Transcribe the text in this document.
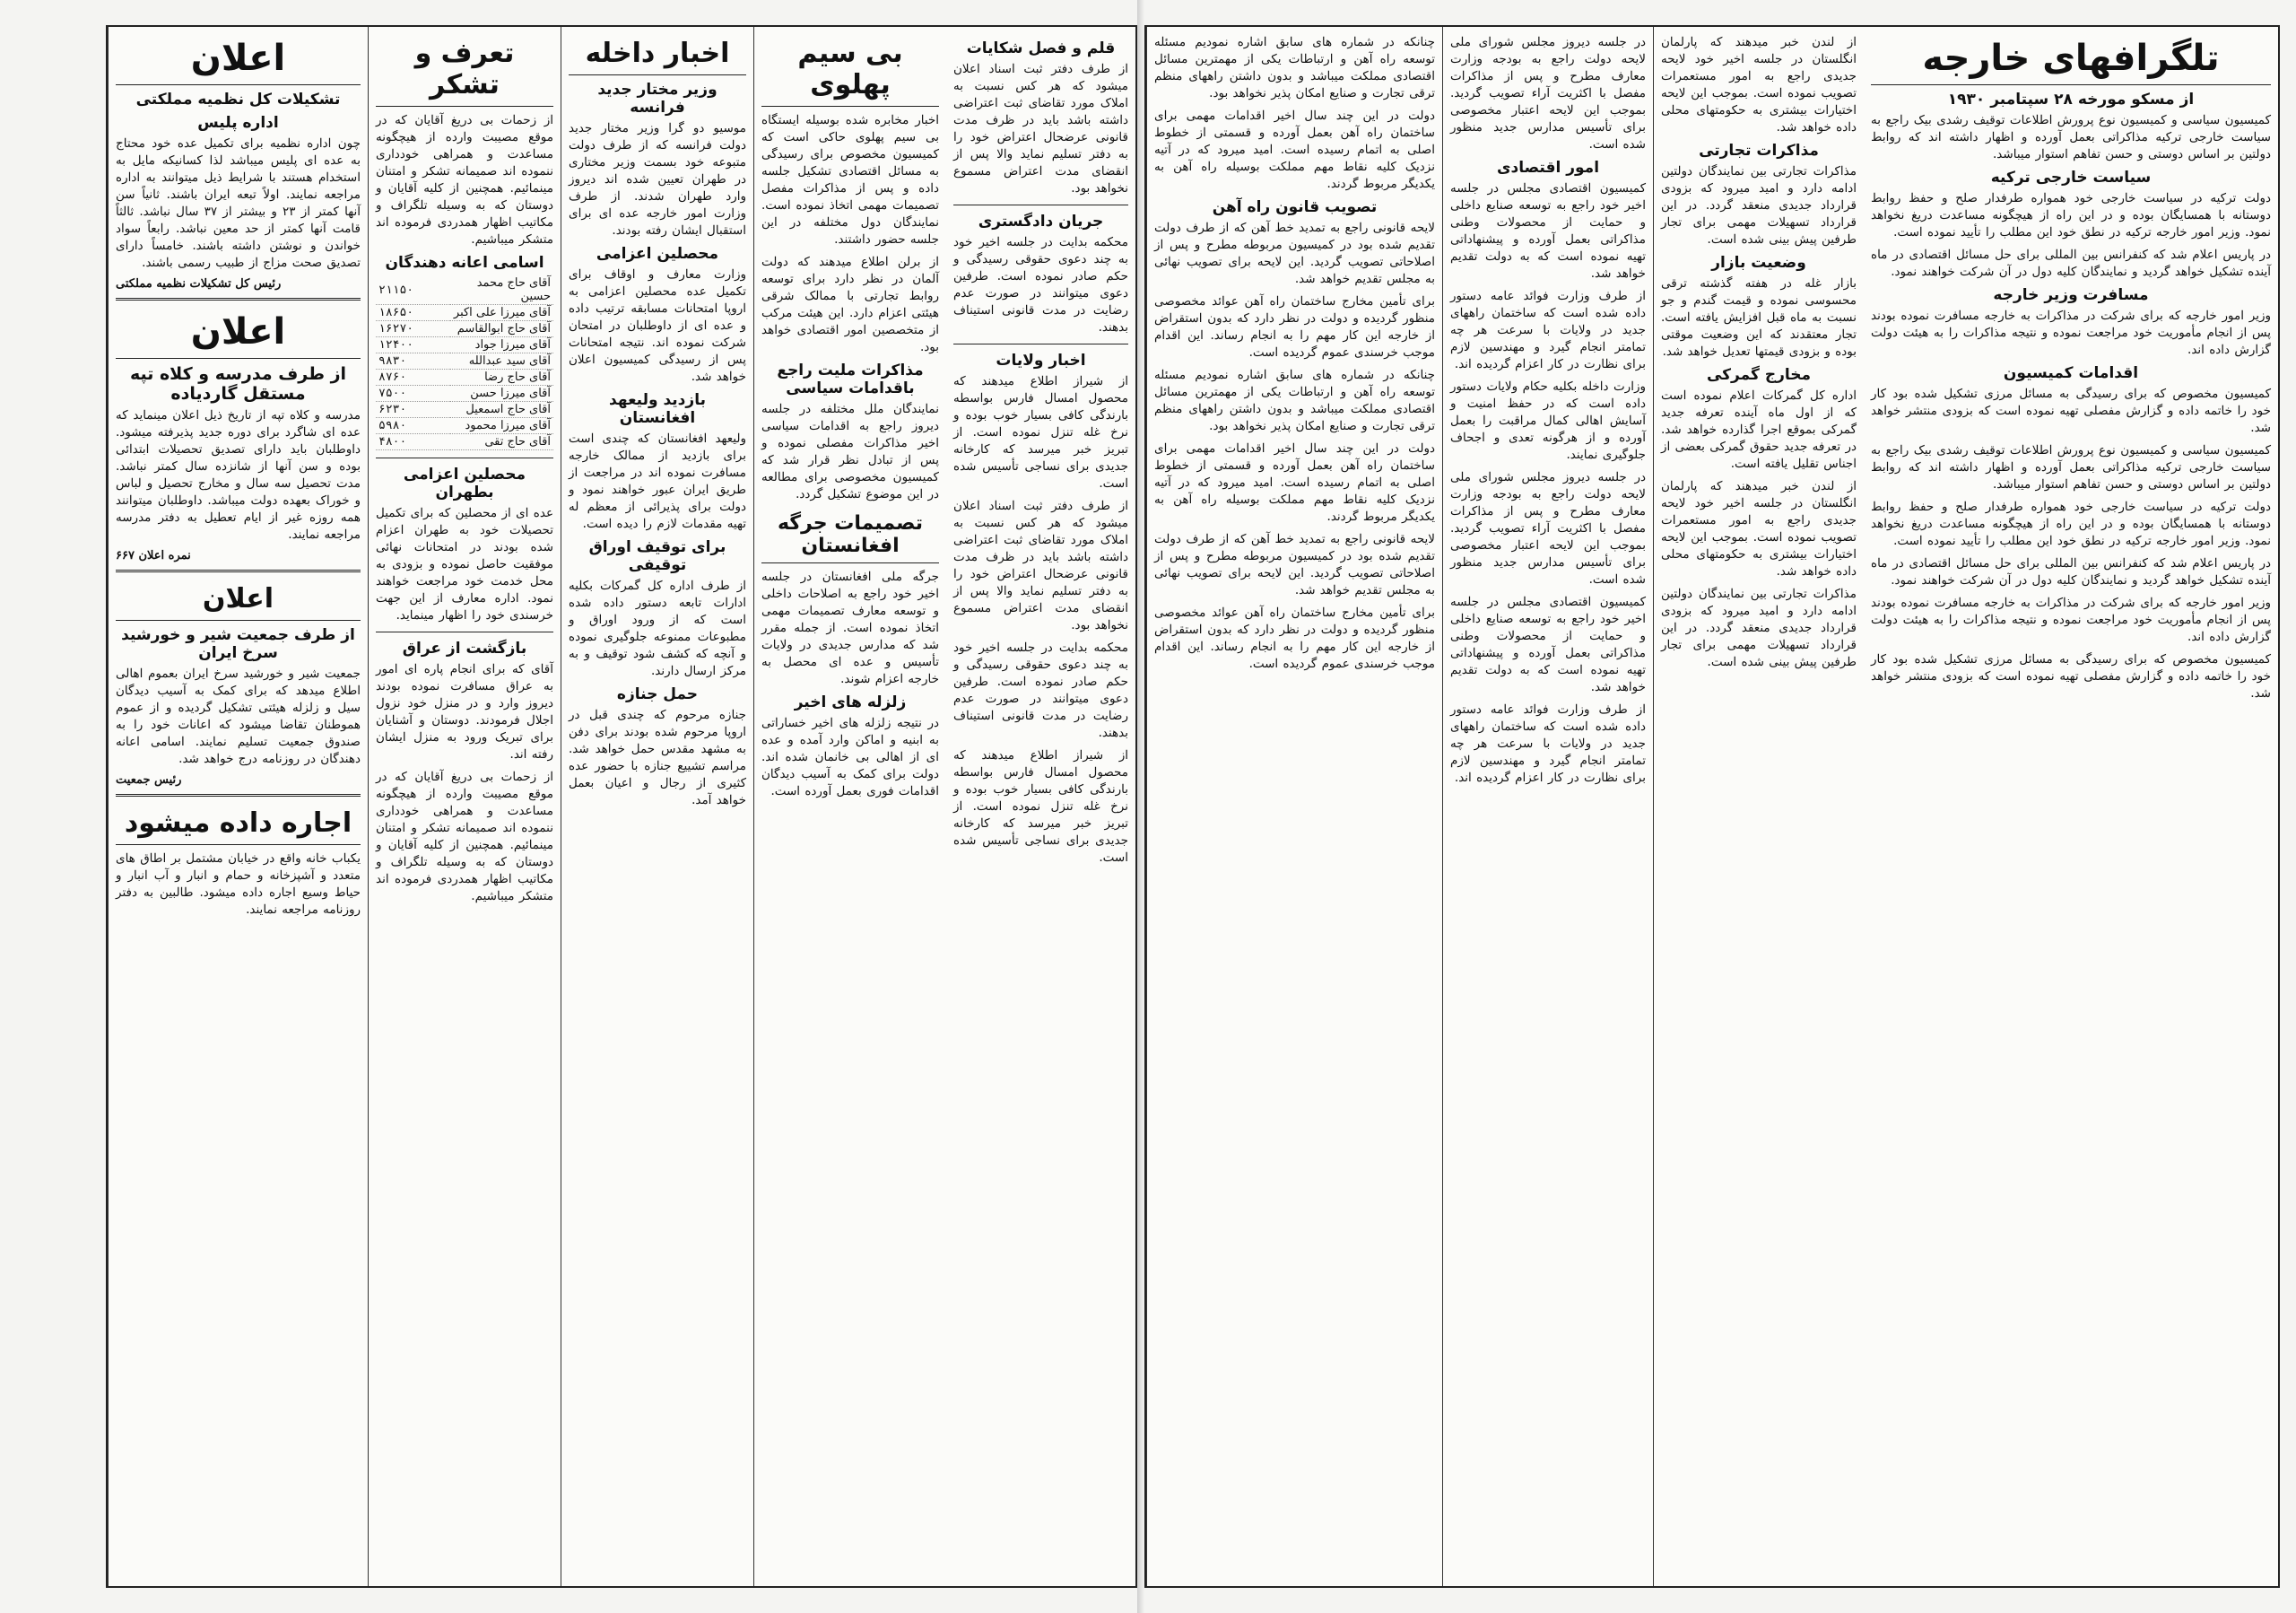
اعلان
تشکیلات کل نظمیه مملکتی
اداره پلیس

چون اداره نظمیه برای تکمیل عده خود محتاج به عده ای پلیس میباشد لذا کسانیکه مایل به استخدام هستند با شرایط ذیل میتوانند به اداره مراجعه نمایند. اولاً تبعه ایران باشند. ثانیاً سن آنها کمتر از ۲۳ و بیشتر از ۳۷ سال نباشد. ثالثاً قامت آنها کمتر از حد معین نباشد. رابعاً سواد خواندن و نوشتن داشته باشند. خامساً دارای تصدیق صحت مزاج از طبیب رسمی باشند.

رئیس کل تشکیلات نظمیه مملکتی
اعلان
از طرف مدرسه و کلاه تپه مستقل گاردیاده

مدرسه و کلاه تپه از تاریخ ذیل اعلان مینماید که عده ای شاگرد برای دوره جدید پذیرفته میشود. داوطلبان باید دارای تصدیق تحصیلات ابتدائی بوده و سن آنها از شانزده سال کمتر نباشد. مدت تحصیل سه سال و مخارج تحصیل و لباس و خوراک بعهده دولت میباشد. داوطلبان میتوانند همه روزه غیر از ایام تعطیل به دفتر مدرسه مراجعه نمایند.

نمره اعلان ۶۶۷
اعلان
از طرف جمعیت شیر و خورشید سرخ ایران

جمعیت شیر و خورشید سرخ ایران بعموم اهالی اطلاع میدهد که برای کمک به آسیب دیدگان سیل و زلزله هیئتی تشکیل گردیده و از عموم هموطنان تقاضا میشود که اعانات خود را به صندوق جمعیت تسلیم نمایند. اسامی اعانه دهندگان در روزنامه درج خواهد شد.

رئیس جمعیت
اجاره داده میشود

یکباب خانه واقع در خیابان مشتمل بر اطاق های متعدد و آشپزخانه و حمام و انبار و آب انبار و حیاط وسیع اجاره داده میشود. طالبین به دفتر روزنامه مراجعه نمایند.

تعرف و تشکر

از زحمات بی دریغ آقایان که در موقع مصیبت وارده از هیچگونه مساعدت و همراهی خودداری ننموده اند صمیمانه تشکر و امتنان مینمائیم. همچنین از کلیه آقایان و دوستان که به وسیله تلگراف و مکاتیب اظهار همدردی فرموده اند متشکر میباشیم.

اسامی اعانه دهندگان
آقای حاج محمد حسین	۲۱۱۵۰
آقای میرزا علی اکبر	۱۸۶۵۰
آقای حاج ابوالقاسم	۱۶۲۷۰
آقای میرزا جواد	۱۲۴۰۰
آقای سید عبدالله	۹۸۳۰
آقای حاج رضا	۸۷۶۰
آقای میرزا حسن	۷۵۰۰
آقای حاج اسمعیل	۶۲۳۰
آقای میرزا محمود	۵۹۸۰
آقای حاج تقی	۴۸۰۰
محصلین اعزامی بطهران

عده ای از محصلین که برای تکمیل تحصیلات خود به طهران اعزام شده بودند در امتحانات نهائی موفقیت حاصل نموده و بزودی به محل خدمت خود مراجعت خواهند نمود. اداره معارف از این جهت خرسندی خود را اظهار مینماید.

بازگشت از عراق

آقای که برای انجام پاره ای امور به عراق مسافرت نموده بودند دیروز وارد و در منزل خود نزول اجلال فرمودند. دوستان و آشنایان برای تبریک ورود به منزل ایشان رفته اند.

از زحمات بی دریغ آقایان که در موقع مصیبت وارده از هیچگونه مساعدت و همراهی خودداری ننموده اند صمیمانه تشکر و امتنان مینمائیم. همچنین از کلیه آقایان و دوستان که به وسیله تلگراف و مکاتیب اظهار همدردی فرموده اند متشکر میباشیم.

اخبار داخله
وزیر مختار جدید فرانسه

موسیو دو گرا وزیر مختار جدید دولت فرانسه که از طرف دولت متبوعه خود بسمت وزیر مختاری در طهران تعیین شده اند دیروز وارد طهران شدند. از طرف وزارت امور خارجه عده ای برای استقبال ایشان رفته بودند.

محصلین اعزامی

وزارت معارف و اوقاف برای تکمیل عده محصلین اعزامی به اروپا امتحانات مسابقه ترتیب داده و عده ای از داوطلبان در امتحان شرکت نموده اند. نتیجه امتحانات پس از رسیدگی کمیسیون اعلان خواهد شد.

بازدید ولیعهد افغانستان

ولیعهد افغانستان که چندی است برای بازدید از ممالک خارجه مسافرت نموده اند در مراجعت از طریق ایران عبور خواهند نمود و دولت برای پذیرائی از معظم له تهیه مقدمات لازم را دیده است.

برای توقیف اوراق توقیفی

از طرف اداره کل گمرکات بکلیه ادارات تابعه دستور داده شده است که از ورود اوراق و مطبوعات ممنوعه جلوگیری نموده و آنچه که کشف شود توقیف و به مرکز ارسال دارند.

حمل جنازه

جنازه مرحوم که چندی قبل در اروپا مرحوم شده بودند برای دفن به مشهد مقدس حمل خواهد شد. مراسم تشییع جنازه با حضور عده کثیری از رجال و اعیان بعمل خواهد آمد.

بی سیم پهلوی

اخبار مخابره شده بوسیله ایستگاه بی سیم پهلوی حاکی است که کمیسیون مخصوص برای رسیدگی به مسائل اقتصادی تشکیل جلسه داده و پس از مذاکرات مفصل تصمیمات مهمی اتخاذ نموده است. نمایندگان دول مختلفه در این جلسه حضور داشتند.

از برلن اطلاع میدهند که دولت آلمان در نظر دارد برای توسعه روابط تجارتی با ممالک شرقی هیئتی اعزام دارد. این هیئت مرکب از متخصصین امور اقتصادی خواهد بود.

مذاکرات ملیت راجع باقدامات سیاسی

نمایندگان ملل مختلفه در جلسه دیروز راجع به اقدامات سیاسی اخیر مذاکرات مفصلی نموده و پس از تبادل نظر قرار شد که کمیسیون مخصوصی برای مطالعه در این موضوع تشکیل گردد.

تصمیمات جرگه افغانستان

جرگه ملی افغانستان در جلسه اخیر خود راجع به اصلاحات داخلی و توسعه معارف تصمیمات مهمی اتخاذ نموده است. از جمله مقرر شد که مدارس جدیدی در ولایات تأسیس و عده ای محصل به خارجه اعزام شوند.

زلزله های اخیر

در نتیجه زلزله های اخیر خساراتی به ابنیه و اماکن وارد آمده و عده ای از اهالی بی خانمان شده اند. دولت برای کمک به آسیب دیدگان اقدامات فوری بعمل آورده است.

قلم و فصل شکایات

از طرف دفتر ثبت اسناد اعلان میشود که هر کس نسبت به املاک مورد تقاضای ثبت اعتراضی داشته باشد باید در ظرف مدت قانونی عرضحال اعتراض خود را به دفتر تسلیم نماید والا پس از انقضای مدت اعتراض مسموع نخواهد بود.

جریان دادگستری

محکمه بدایت در جلسه اخیر خود به چند دعوی حقوقی رسیدگی و حکم صادر نموده است. طرفین دعوی میتوانند در صورت عدم رضایت در مدت قانونی استیناف بدهند.

اخبار ولایات

از شیراز اطلاع میدهند که محصول امسال فارس بواسطه بارندگی کافی بسیار خوب بوده و نرخ غله تنزل نموده است. از تبریز خبر میرسد که کارخانه جدیدی برای نساجی تأسیس شده است.

از طرف دفتر ثبت اسناد اعلان میشود که هر کس نسبت به املاک مورد تقاضای ثبت اعتراضی داشته باشد باید در ظرف مدت قانونی عرضحال اعتراض خود را به دفتر تسلیم نماید والا پس از انقضای مدت اعتراض مسموع نخواهد بود.

محکمه بدایت در جلسه اخیر خود به چند دعوی حقوقی رسیدگی و حکم صادر نموده است. طرفین دعوی میتوانند در صورت عدم رضایت در مدت قانونی استیناف بدهند.

از شیراز اطلاع میدهند که محصول امسال فارس بواسطه بارندگی کافی بسیار خوب بوده و نرخ غله تنزل نموده است. از تبریز خبر میرسد که کارخانه جدیدی برای نساجی تأسیس شده است.

چنانکه در شماره های سابق اشاره نمودیم مسئله توسعه راه آهن و ارتباطات یکی از مهمترین مسائل اقتصادی مملکت میباشد و بدون داشتن راههای منظم ترقی تجارت و صنایع امکان پذیر نخواهد بود.

دولت در این چند سال اخیر اقدامات مهمی برای ساختمان راه آهن بعمل آورده و قسمتی از خطوط اصلی به اتمام رسیده است. امید میرود که در آتیه نزدیک کلیه نقاط مهم مملکت بوسیله راه آهن به یکدیگر مربوط گردند.

تصویب قانون راه آهن

لایحه قانونی راجع به تمدید خط آهن که از طرف دولت تقدیم شده بود در کمیسیون مربوطه مطرح و پس از اصلاحاتی تصویب گردید. این لایحه برای تصویب نهائی به مجلس تقدیم خواهد شد.

برای تأمین مخارج ساختمان راه آهن عوائد مخصوصی منظور گردیده و دولت در نظر دارد که بدون استقراض از خارجه این کار مهم را به انجام رساند. این اقدام موجب خرسندی عموم گردیده است.

چنانکه در شماره های سابق اشاره نمودیم مسئله توسعه راه آهن و ارتباطات یکی از مهمترین مسائل اقتصادی مملکت میباشد و بدون داشتن راههای منظم ترقی تجارت و صنایع امکان پذیر نخواهد بود.

دولت در این چند سال اخیر اقدامات مهمی برای ساختمان راه آهن بعمل آورده و قسمتی از خطوط اصلی به اتمام رسیده است. امید میرود که در آتیه نزدیک کلیه نقاط مهم مملکت بوسیله راه آهن به یکدیگر مربوط گردند.

لایحه قانونی راجع به تمدید خط آهن که از طرف دولت تقدیم شده بود در کمیسیون مربوطه مطرح و پس از اصلاحاتی تصویب گردید. این لایحه برای تصویب نهائی به مجلس تقدیم خواهد شد.

برای تأمین مخارج ساختمان راه آهن عوائد مخصوصی منظور گردیده و دولت در نظر دارد که بدون استقراض از خارجه این کار مهم را به انجام رساند. این اقدام موجب خرسندی عموم گردیده است.

در جلسه دیروز مجلس شورای ملی لایحه دولت راجع به بودجه وزارت معارف مطرح و پس از مذاکرات مفصل با اکثریت آراء تصویب گردید. بموجب این لایحه اعتبار مخصوصی برای تأسیس مدارس جدید منظور شده است.

امور اقتصادی

کمیسیون اقتصادی مجلس در جلسه اخیر خود راجع به توسعه صنایع داخلی و حمایت از محصولات وطنی مذاکراتی بعمل آورده و پیشنهاداتی تهیه نموده است که به دولت تقدیم خواهد شد.

از طرف وزارت فوائد عامه دستور داده شده است که ساختمان راههای جدید در ولایات با سرعت هر چه تمامتر انجام گیرد و مهندسین لازم برای نظارت در کار اعزام گردیده اند.

وزارت داخله بکلیه حکام ولایات دستور داده است که در حفظ امنیت و آسایش اهالی کمال مراقبت را بعمل آورده و از هرگونه تعدی و اجحاف جلوگیری نمایند.

در جلسه دیروز مجلس شورای ملی لایحه دولت راجع به بودجه وزارت معارف مطرح و پس از مذاکرات مفصل با اکثریت آراء تصویب گردید. بموجب این لایحه اعتبار مخصوصی برای تأسیس مدارس جدید منظور شده است.

کمیسیون اقتصادی مجلس در جلسه اخیر خود راجع به توسعه صنایع داخلی و حمایت از محصولات وطنی مذاکراتی بعمل آورده و پیشنهاداتی تهیه نموده است که به دولت تقدیم خواهد شد.

از طرف وزارت فوائد عامه دستور داده شده است که ساختمان راههای جدید در ولایات با سرعت هر چه تمامتر انجام گیرد و مهندسین لازم برای نظارت در کار اعزام گردیده اند.

از لندن خبر میدهند که پارلمان انگلستان در جلسه اخیر خود لایحه جدیدی راجع به امور مستعمرات تصویب نموده است. بموجب این لایحه اختیارات بیشتری به حکومتهای محلی داده خواهد شد.

مذاکرات تجارتی

مذاکرات تجارتی بین نمایندگان دولتین ادامه دارد و امید میرود که بزودی قرارداد جدیدی منعقد گردد. در این قرارداد تسهیلات مهمی برای تجار طرفین پیش بینی شده است.

وضعیت بازار

بازار غله در هفته گذشته ترقی محسوسی نموده و قیمت گندم و جو نسبت به ماه قبل افزایش یافته است. تجار معتقدند که این وضعیت موقتی بوده و بزودی قیمتها تعدیل خواهد شد.

مخارج گمرکی

اداره کل گمرکات اعلام نموده است که از اول ماه آینده تعرفه جدید گمرکی بموقع اجرا گذارده خواهد شد. در تعرفه جدید حقوق گمرکی بعضی از اجناس تقلیل یافته است.

از لندن خبر میدهند که پارلمان انگلستان در جلسه اخیر خود لایحه جدیدی راجع به امور مستعمرات تصویب نموده است. بموجب این لایحه اختیارات بیشتری به حکومتهای محلی داده خواهد شد.

مذاکرات تجارتی بین نمایندگان دولتین ادامه دارد و امید میرود که بزودی قرارداد جدیدی منعقد گردد. در این قرارداد تسهیلات مهمی برای تجار طرفین پیش بینی شده است.

تلگرافهای خارجه
از مسکو مورخه ۲۸ سپتامبر ۱۹۳۰

کمیسیون سیاسی و کمیسیون نوع پرورش اطلاعات توقیف رشدی بیک راجع به سیاست خارجی ترکیه مذاکراتی بعمل آورده و اظهار داشته اند که روابط دولتین بر اساس دوستی و حسن تفاهم استوار میباشد.

سیاست خارجی ترکیه

دولت ترکیه در سیاست خارجی خود همواره طرفدار صلح و حفظ روابط دوستانه با همسایگان بوده و در این راه از هیچگونه مساعدت دریغ نخواهد نمود. وزیر امور خارجه ترکیه در نطق خود این مطلب را تأیید نموده است.

در پاریس اعلام شد که کنفرانس بین المللی برای حل مسائل اقتصادی در ماه آینده تشکیل خواهد گردید و نمایندگان کلیه دول در آن شرکت خواهند نمود.

مسافرت وزیر خارجه

وزیر امور خارجه که برای شرکت در مذاکرات به خارجه مسافرت نموده بودند پس از انجام مأموریت خود مراجعت نموده و نتیجه مذاکرات را به هیئت دولت گزارش داده اند.

اقدامات کمیسیون

کمیسیون مخصوص که برای رسیدگی به مسائل مرزی تشکیل شده بود کار خود را خاتمه داده و گزارش مفصلی تهیه نموده است که بزودی منتشر خواهد شد.

کمیسیون سیاسی و کمیسیون نوع پرورش اطلاعات توقیف رشدی بیک راجع به سیاست خارجی ترکیه مذاکراتی بعمل آورده و اظهار داشته اند که روابط دولتین بر اساس دوستی و حسن تفاهم استوار میباشد.

دولت ترکیه در سیاست خارجی خود همواره طرفدار صلح و حفظ روابط دوستانه با همسایگان بوده و در این راه از هیچگونه مساعدت دریغ نخواهد نمود. وزیر امور خارجه ترکیه در نطق خود این مطلب را تأیید نموده است.

در پاریس اعلام شد که کنفرانس بین المللی برای حل مسائل اقتصادی در ماه آینده تشکیل خواهد گردید و نمایندگان کلیه دول در آن شرکت خواهند نمود.

وزیر امور خارجه که برای شرکت در مذاکرات به خارجه مسافرت نموده بودند پس از انجام مأموریت خود مراجعت نموده و نتیجه مذاکرات را به هیئت دولت گزارش داده اند.

کمیسیون مخصوص که برای رسیدگی به مسائل مرزی تشکیل شده بود کار خود را خاتمه داده و گزارش مفصلی تهیه نموده است که بزودی منتشر خواهد شد.
